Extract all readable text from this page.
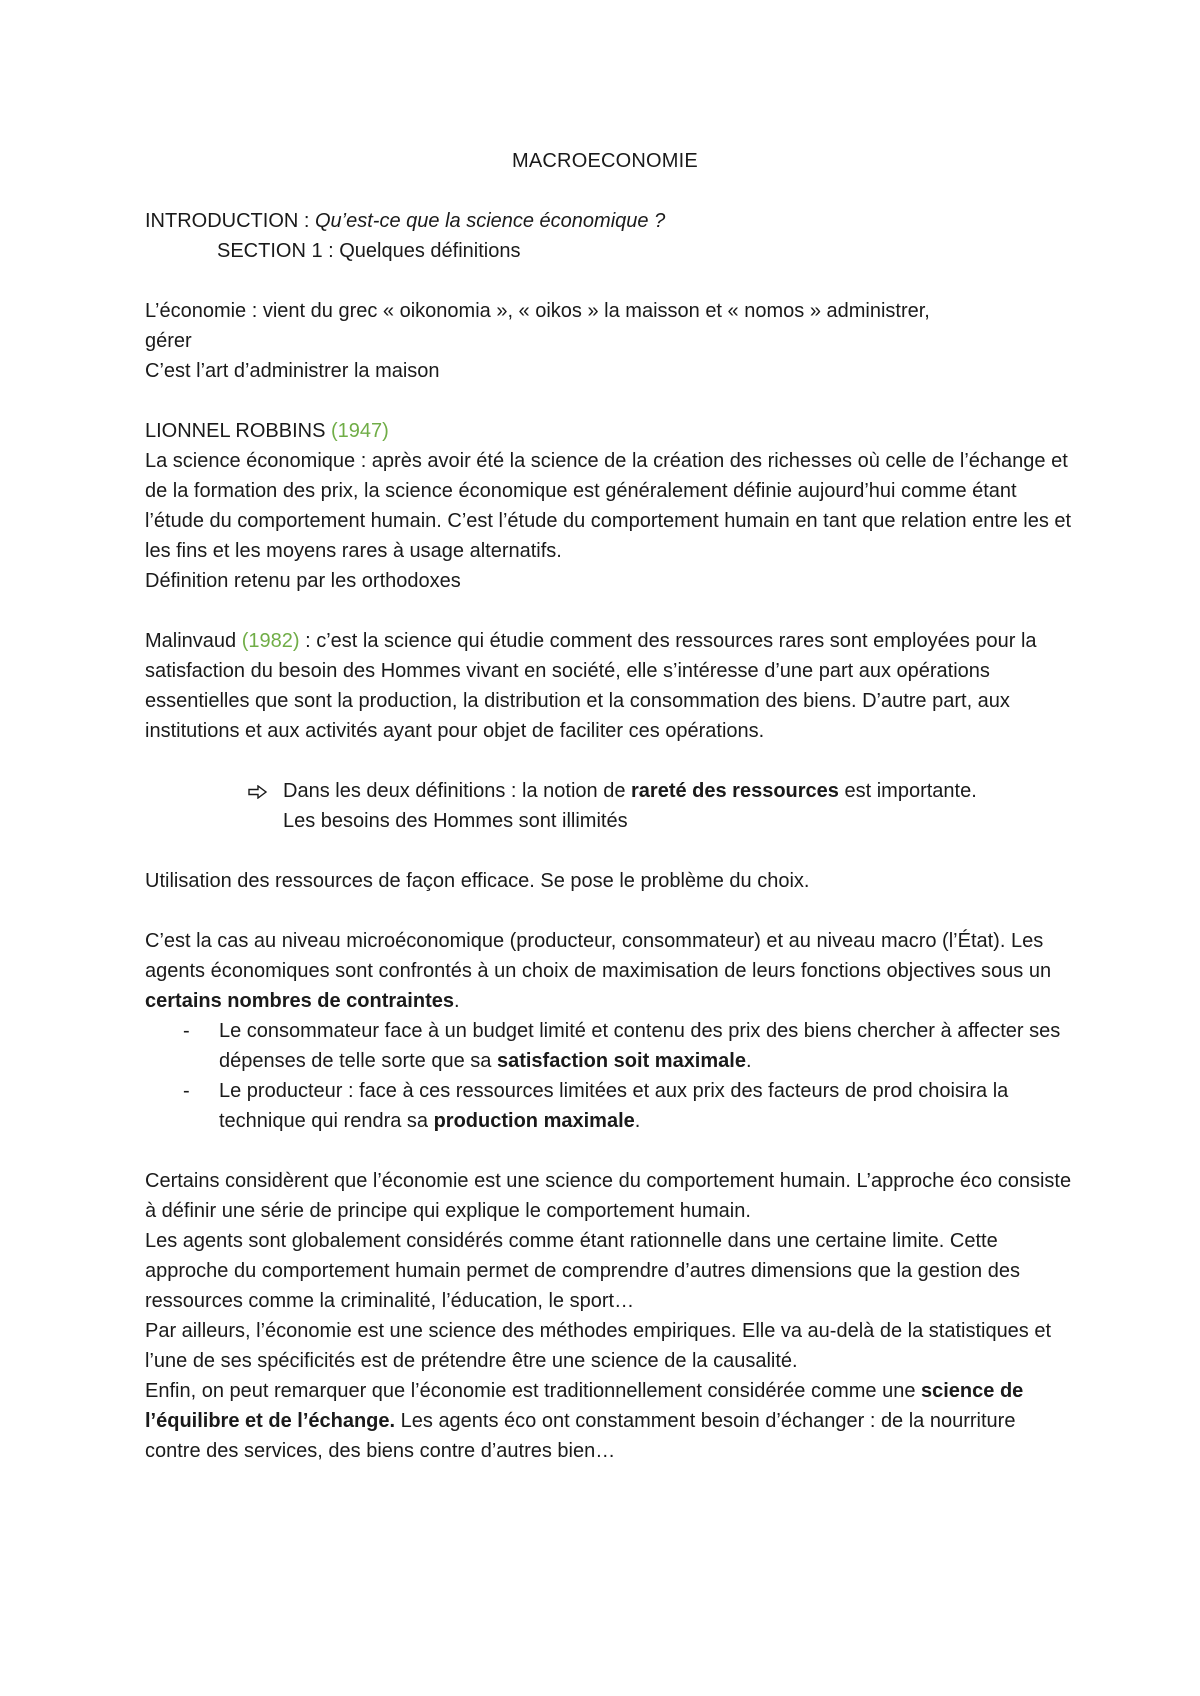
MACROECONOMIE

INTRODUCTION : Qu’est-ce que la science économique ?

SECTION 1 : Quelques définitions

L’économie : vient du grec « oikonomia », « oikos » la maisson et « nomos » administrer,

gérer

C’est l’art d’administrer la maison

LIONNEL ROBBINS (1947)

La science économique : après avoir été la science de la création des richesses où celle de l’échange et de la formation des prix, la science économique est généralement définie aujourd’hui comme étant l’étude du comportement humain. C’est l’étude du comportement humain en tant que relation entre les et les fins et les moyens rares à usage alternatifs.

Définition retenu par les orthodoxes

Malinvaud (1982) : c’est la science qui étudie comment des ressources rares sont employées pour la satisfaction du besoin des Hommes vivant en société, elle s’intéresse d’une part aux opérations essentielles que sont la production, la distribution et la consommation des biens. D’autre part, aux institutions et aux activités ayant pour objet de faciliter ces opérations.

Dans les deux définitions : la notion de rareté des ressources est importante.

Les besoins des Hommes sont illimités

Utilisation des ressources de façon efficace. Se pose le problème du choix.

C’est la cas au niveau microéconomique (producteur, consommateur) et au niveau macro (l’État). Les agents économiques sont confrontés à un choix de maximisation de leurs fonctions objectives sous un certains nombres de contraintes.

- Le consommateur face à un budget limité et contenu des prix des biens chercher à affecter ses dépenses de telle sorte que sa satisfaction soit maximale.
- Le producteur : face à ces ressources limitées et aux prix des facteurs de prod choisira la technique qui rendra sa production maximale.

Certains considèrent que l’économie est une science du comportement humain. L’approche éco consiste à définir une série de principe qui explique le comportement humain.

Les agents sont globalement considérés comme étant rationnelle dans une certaine limite. Cette approche du comportement humain permet de comprendre d’autres dimensions que la gestion des ressources comme la criminalité, l’éducation, le sport…

Par ailleurs, l’économie est une science des méthodes empiriques. Elle va au-delà de la statistiques et l’une de ses spécificités est de prétendre être une science de la causalité.

Enfin, on peut remarquer que l’économie est traditionnellement considérée comme une science de l’équilibre et de l’échange. Les agents éco ont constamment besoin d’échanger : de la nourriture contre des services, des biens contre d’autres bien…
